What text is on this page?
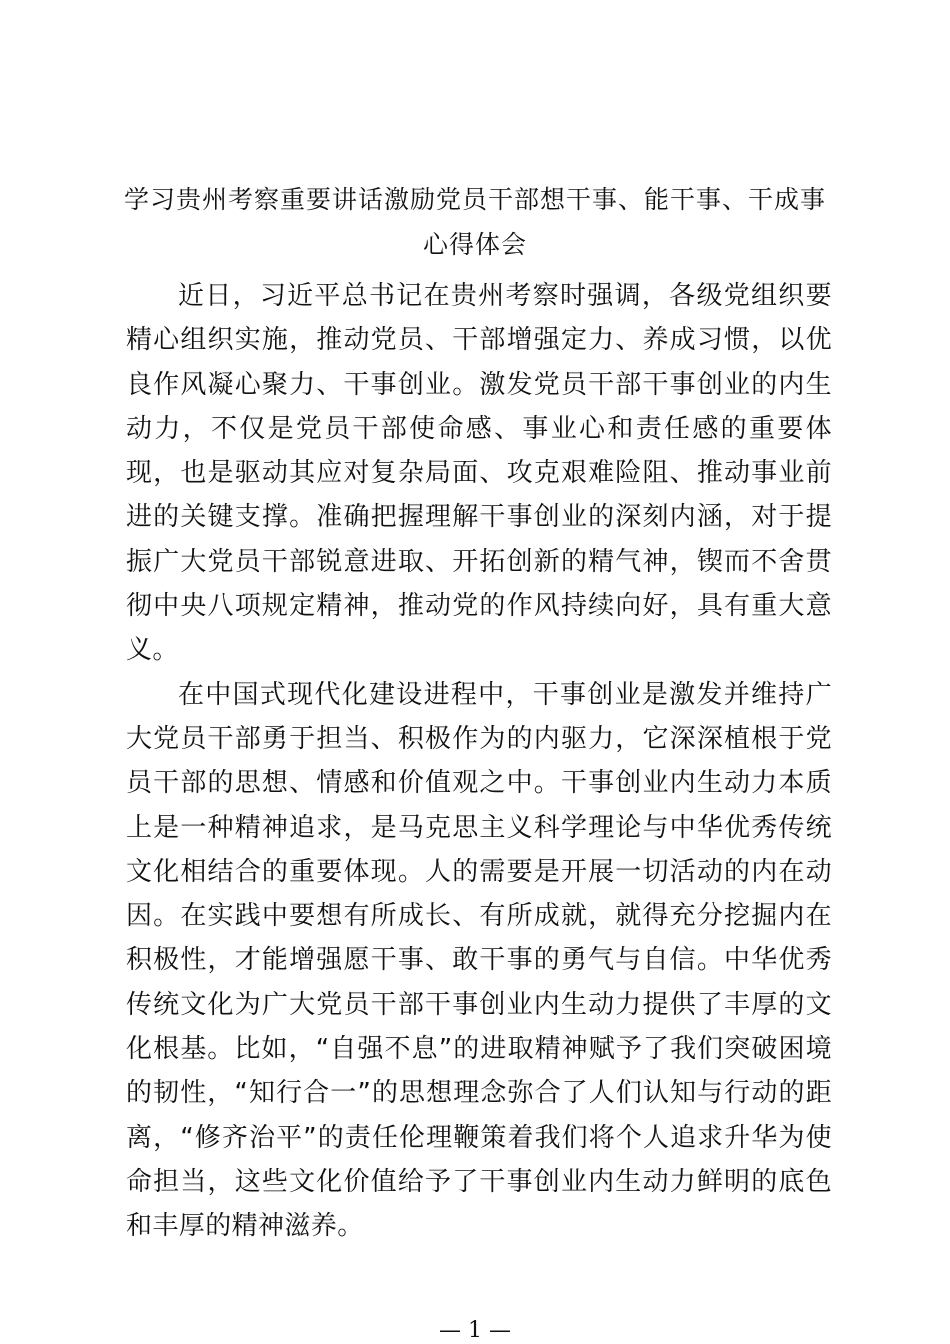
学习贵州考察重要讲话激励党员干部想干事、能干事、干成事
心得体会

近日，习近平总书记在贵州考察时强调，各级党组织要精心组织实施，推动党员、干部增强定力、养成习惯，以优良作风凝心聚力、干事创业。激发党员干部干事创业的内生动力，不仅是党员干部使命感、事业心和责任感的重要体现，也是驱动其应对复杂局面、攻克艰难险阻、推动事业前进的关键支撑。准确把握理解干事创业的深刻内涵，对于提振广大党员干部锐意进取、开拓创新的精气神，锲而不舍贯彻中央八项规定精神，推动党的作风持续向好，具有重大意义。

在中国式现代化建设进程中，干事创业是激发并维持广大党员干部勇于担当、积极作为的内驱力，它深深植根于党员干部的思想、情感和价值观之中。干事创业内生动力本质上是一种精神追求，是马克思主义科学理论与中华优秀传统文化相结合的重要体现。人的需要是开展一切活动的内在动因。在实践中要想有所成长、有所成就，就得充分挖掘内在积极性，才能增强愿干事、敢干事的勇气与自信。中华优秀传统文化为广大党员干部干事创业内生动力提供了丰厚的文化根基。比如，“自强不息”的进取精神赋予了我们突破困境的韧性，“知行合一”的思想理念弥合了人们认知与行动的距离，“修齐治平”的责任伦理鞭策着我们将个人追求升华为使命担当，这些文化价值给予了干事创业内生动力鲜明的底色和丰厚的精神滋养。

— 1 —
